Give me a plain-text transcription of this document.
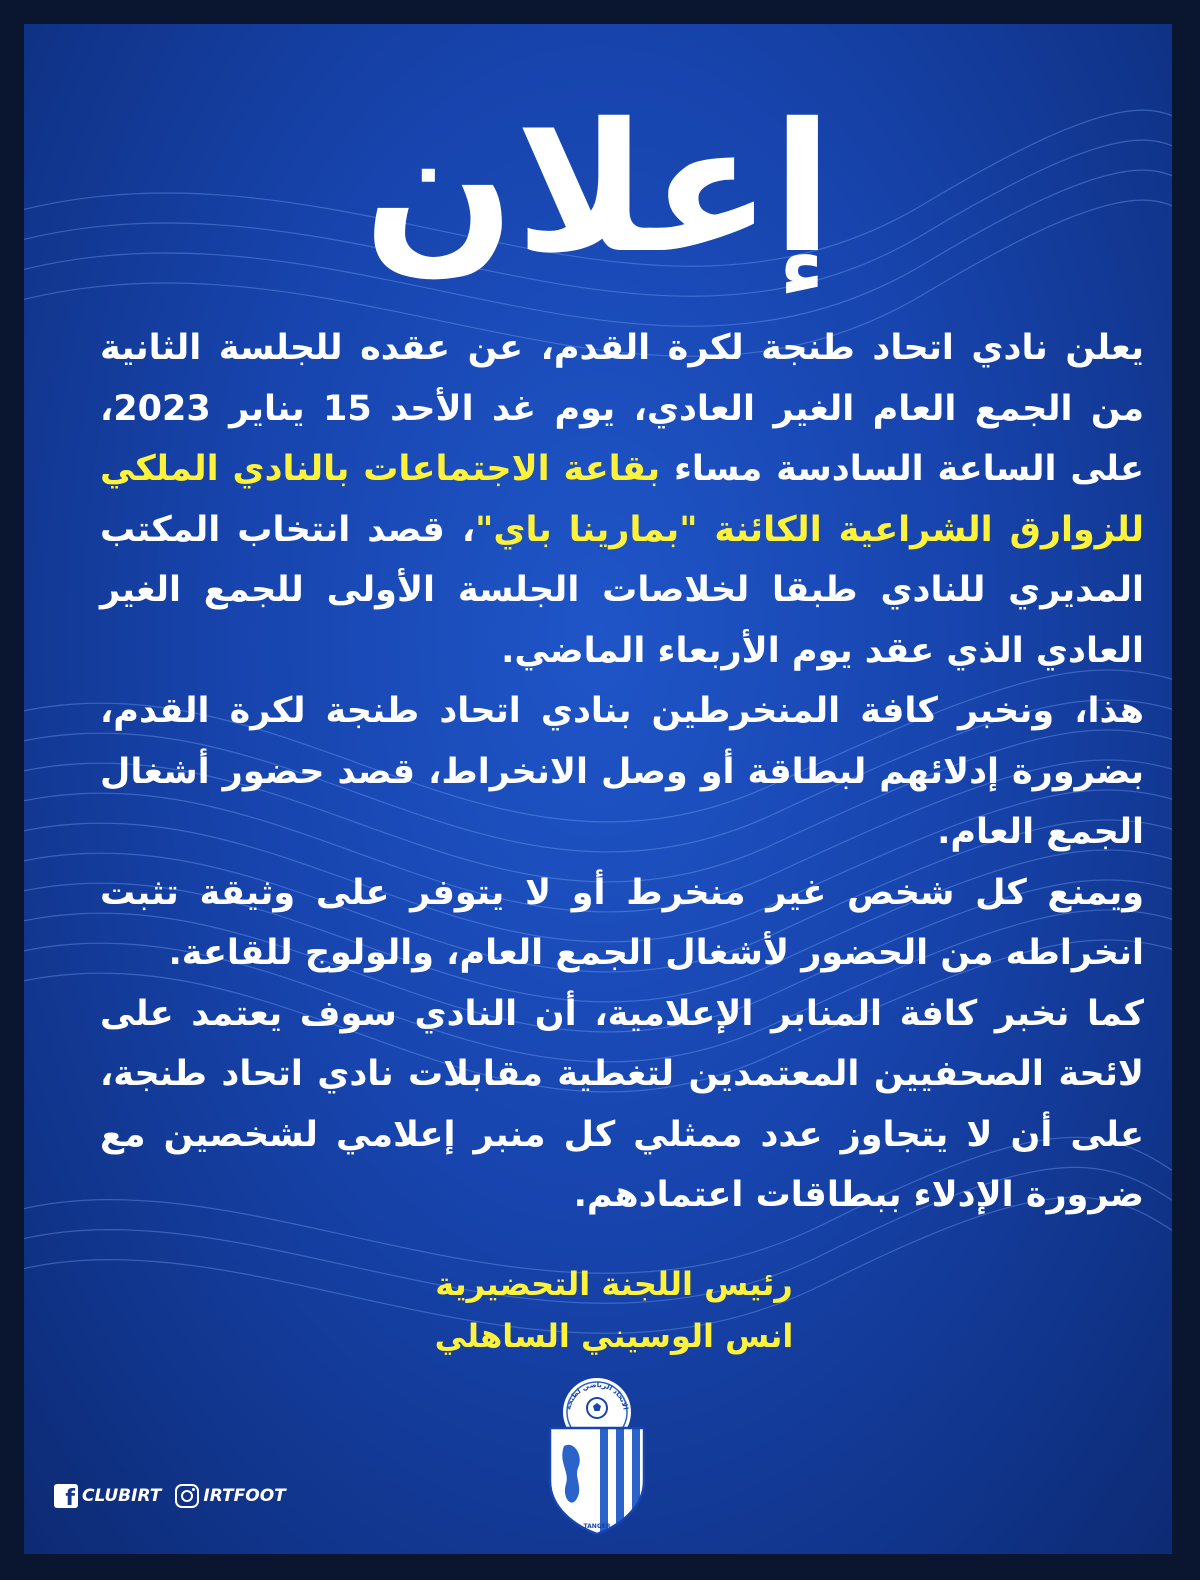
إعلان

يعلن نادي اتحاد طنجة لكرة القدم، عن عقده للجلسة الثانية من الجمع العام الغير العادي، يوم غد الأحد 15 يناير 2023، على الساعة السادسة مساء بقاعة الاجتماعات بالنادي الملكي للزوارق الشراعية الكائنة "بمارينا باي"، قصد انتخاب المكتب المديري للنادي طبقا لخلاصات الجلسة الأولى للجمع الغير العادي الذي عقد يوم الأربعاء الماضي.

هذا، ونخبر كافة المنخرطين بنادي اتحاد طنجة لكرة القدم، بضرورة إدلائهم لبطاقة أو وصل الانخراط، قصد حضور أشغال الجمع العام.

ويمنع كل شخص غير منخرط أو لا يتوفر على وثيقة تثبت انخراطه من الحضور لأشغال الجمع العام، والولوج للقاعة.

كما نخبر كافة المنابر الإعلامية، أن النادي سوف يعتمد على لائحة الصحفيين المعتمدين لتغطية مقابلات نادي اتحاد طنجة، على أن لا يتجاوز عدد ممثلي كل منبر إعلامي لشخصين مع ضرورة الإدلاء ببطاقات اعتمادهم.

رئيس اللجنة التحضيرية
انس الوسيني الساهلي
الاتحاد الرياضي لطنجة
TANGER
f
CLUBIRT IRTFOOT
